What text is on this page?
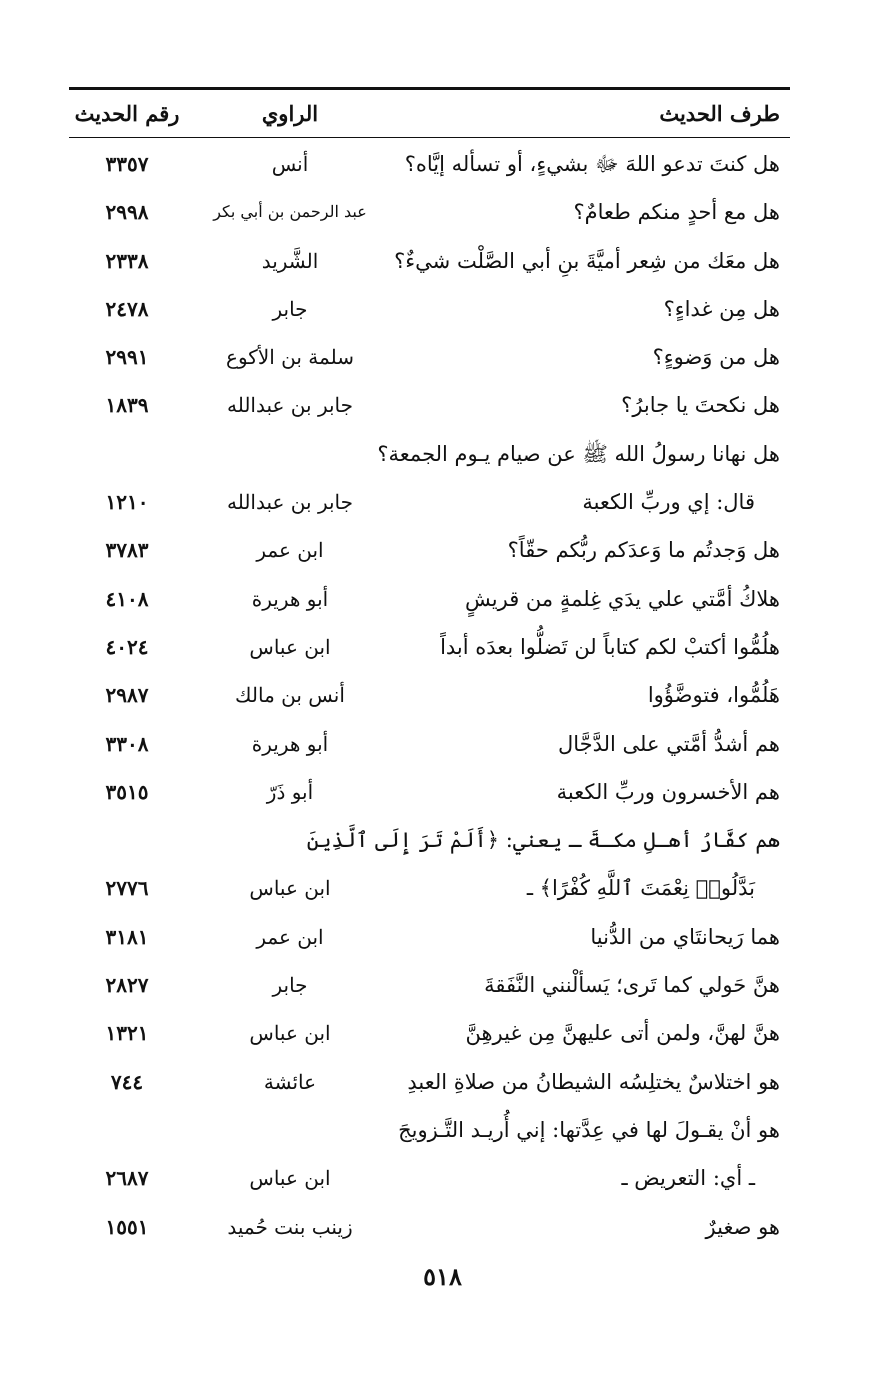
طرف الحديث
الراوي
رقم الحديث
هل كنتَ تدعو اللهَ ﷻ بشيءٍ، أو تسأله إيَّاه؟
أنس
٣٣٥٧
هل مع أحدٍ منكم طعامٌ؟
عبد الرحمن بن أبي بكر
٢٩٩٨
هل معَك من شِعر أميَّةَ بنِ أبي الصَّلْت شيءٌ؟
الشَّريد
٢٣٣٨
هل مِن غداءٍ؟
جابر
٢٤٧٨
هل من وَضوءٍ؟
سلمة بن الأكوع
٢٩٩١
هل نكحتَ يا جابرُ؟
جابر بن عبدالله
١٨٣٩
هل نهانا رسولُ الله ﷺ عن صيام يـوم الجمعة؟
قال: إي وربِّ الكعبة
جابر بن عبدالله
١٢١٠
هل وَجدتُم ما وَعدَكم ربُّكم حقّاً؟
ابن عمر
٣٧٨٣
هلاكُ أمَّتي علي يدَي غِلمةٍ من قريشٍ
أبو هريرة
٤١٠٨
هلُمُّوا أكتبْ لكم كتاباً لن تَضلُّوا بعدَه أبداً
ابن عباس
٤٠٢٤
هَلُمُّوا، فتوضَّؤُوا
أنس بن مالك
٢٩٨٧
هم أشدُّ أمَّتي على الدَّجَّال
أبو هريرة
٣٣٠٨
هم الأخسرون وربِّ الكعبة
أبو ذَرّ
٣٥١٥
هم كفَّارُ أهـلِ مكـةَ ـ يعني: ﴿أَلَمْ تَرَ إِلَى ٱلَّذِينَ
بَدَّلُوا۟ نِعْمَتَ ٱللَّهِ كُفْرًا﴾ ـ
ابن عباس
٢٧٧٦
هما رَيحانتَاي من الدُّنيا
ابن عمر
٣١٨١
هنَّ حَولي كما تَرى؛ يَسألْنني النَّفَقةَ
جابر
٢٨٢٧
هنَّ لهنَّ، ولمن أتى عليهنَّ مِن غيرهِنَّ
ابن عباس
١٣٢١
هو اختلاسٌ يختلِسُه الشيطانُ من صلاةِ العبدِ
عائشة
٧٤٤
هو أنْ يقـولَ لها في عِدَّتها: إني أُريـد التَّـزويجَ
ـ أي: التعريض ـ
ابن عباس
٢٦٨٧
هو صغيرٌ
زينب بنت حُميد
١٥٥١
٥١٨
